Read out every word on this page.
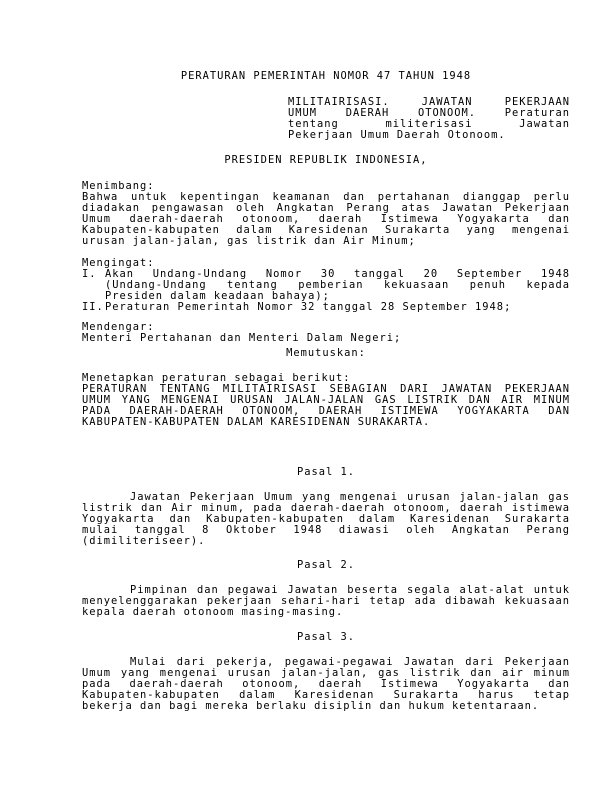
PERATURAN PEMERINTAH NOMOR 47 TAHUN 1948
MILITAIRISASI. JAWATAN PEKERJAAN
UMUM DAERAH OTONOOM. Peraturan
tentang militerisasi Jawatan
Pekerjaan Umum Daerah Otonoom.
PRESIDEN REPUBLIK INDONESIA,
Menimbang:
Bahwa untuk kepentingan keamanan dan pertahanan dianggap perlu
diadakan pengawasan oleh Angkatan Perang atas Jawatan Pekerjaan
Umum daerah-daerah otonoom, daerah Istimewa Yogyakarta dan
Kabupaten-kabupaten dalam Karesidenan Surakarta yang mengenai
urusan jalan-jalan, gas listrik dan Air Minum;
Mengingat:
I. Akan Undang-Undang Nomor 30 tanggal 20 September 1948
(Undang-Undang tentang pemberian kekuasaan penuh kepada
Presiden dalam keadaan bahaya);
II. Peraturan Pemerintah Nomor 32 tanggal 28 September 1948;
Mendengar:
Menteri Pertahanan dan Menteri Dalam Negeri;
Memutuskan:
Menetapkan peraturan sebagai berikut:
PERATURAN TENTANG MILITAIRISASI SEBAGIAN DARI JAWATAN PEKERJAAN
UMUM YANG MENGENAI URUSAN JALAN-JALAN GAS LISTRIK DAN AIR MINUM
PADA DAERAH-DAERAH OTONOOM, DAERAH ISTIMEWA YOGYAKARTA DAN
KABUPATEN-KABUPATEN DALAM KARESIDENAN SURAKARTA.
Pasal 1.
Jawatan Pekerjaan Umum yang mengenai urusan jalan-jalan gas
listrik dan Air minum, pada daerah-daerah otonoom, daerah istimewa
Yogyakarta dan Kabupaten-kabupaten dalam Karesidenan Surakarta
mulai tanggal 8 Oktober 1948 diawasi oleh Angkatan Perang
(dimiliteriseer).
Pasal 2.
Pimpinan dan pegawai Jawatan beserta segala alat-alat untuk
menyelenggarakan pekerjaan sehari-hari tetap ada dibawah kekuasaan
kepala daerah otonoom masing-masing.
Pasal 3.
Mulai dari pekerja, pegawai-pegawai Jawatan dari Pekerjaan
Umum yang mengenai urusan jalan-jalan, gas listrik dan air minum
pada daerah-daerah otonoom, daerah Istimewa Yogyakarta dan
Kabupaten-kabupaten dalam Karesidenan Surakarta harus tetap
bekerja dan bagi mereka berlaku disiplin dan hukum ketentaraan.
